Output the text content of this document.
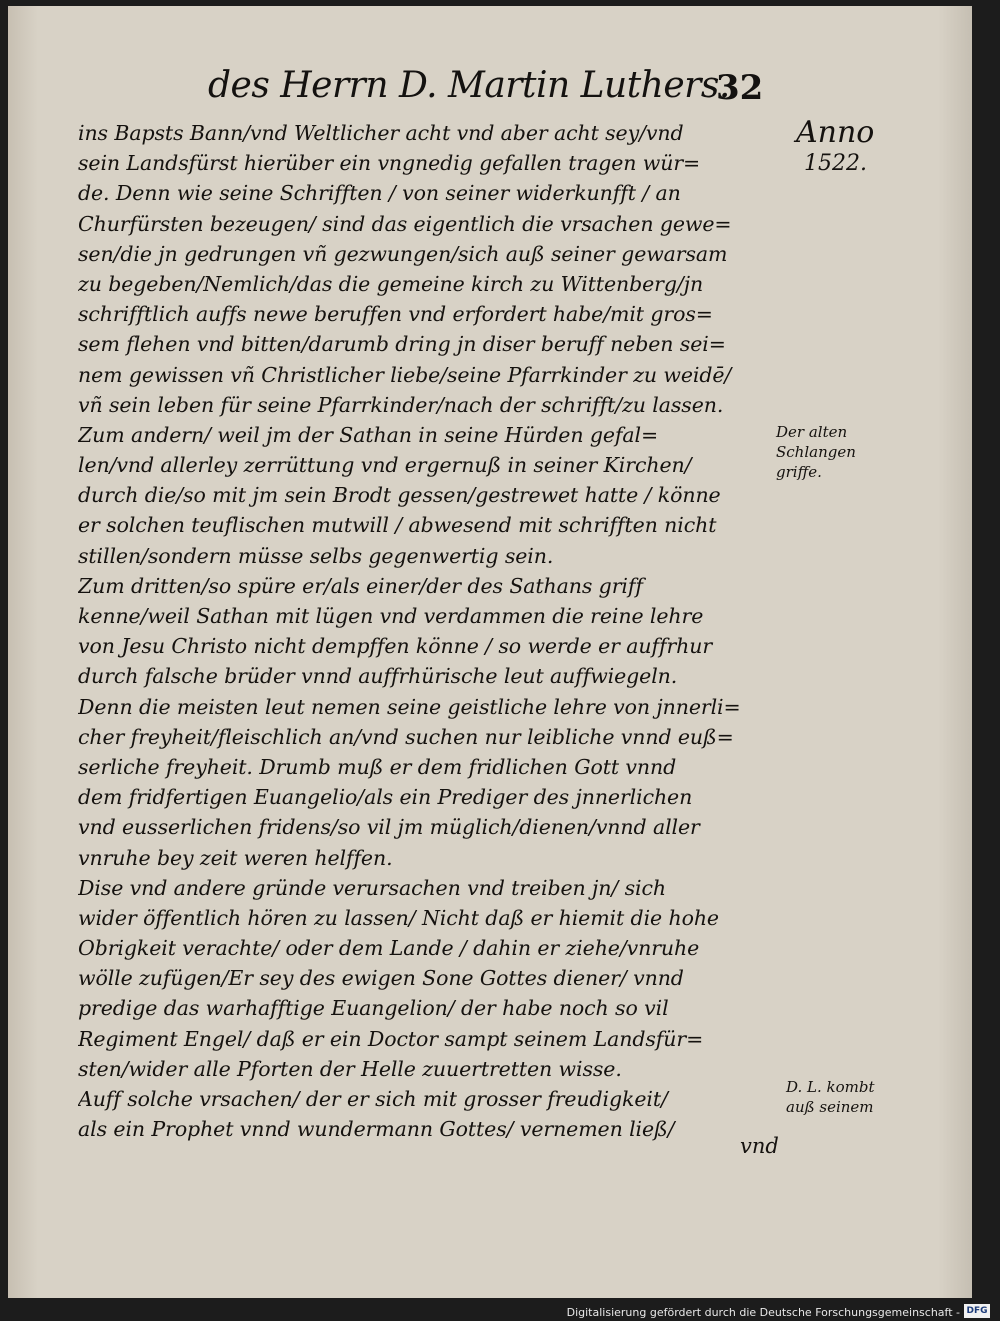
des Herrn D. Martin Luthers.
32
Anno
1522.
Der alten
Schlangen
griffe.
D. L. kombt
auß seinem
ins Bapsts Bann/vnd Weltlicher acht vnd aber acht sey/vnd
sein Landsfürst hierüber ein vngnedig gefallen tragen wür=
de. Denn wie seine Schrifften / von seiner widerkunfft / an
Churfürsten bezeugen/ sind das eigentlich die vrsachen gewe=
sen/die jn gedrungen vñ gezwungen/sich auß seiner gewarsam
zu begeben/Nemlich/das die gemeine kirch zu Wittenberg/jn
schrifftlich auffs newe beruffen vnd erfordert habe/mit gros=
sem flehen vnd bitten/darumb dring jn diser beruff neben sei=
nem gewissen vñ Christlicher liebe/seine Pfarrkinder zu weidē/
vñ sein leben für seine Pfarrkinder/nach der schrifft/zu lassen.
Zum andern/ weil jm der Sathan in seine Hürden gefal=
len/vnd allerley zerrüttung vnd ergernuß in seiner Kirchen/
durch die/so mit jm sein Brodt gessen/gestrewet hatte / könne
er solchen teuflischen mutwill / abwesend mit schrifften nicht
stillen/sondern müsse selbs gegenwertig sein.
Zum dritten/so spüre er/als einer/der des Sathans griff
kenne/weil Sathan mit lügen vnd verdammen die reine lehre
von Jesu Christo nicht dempffen könne / so werde er auffrhur
durch falsche brüder vnnd auffrhürische leut auffwiegeln.
Denn die meisten leut nemen seine geistliche lehre von jnnerli=
cher freyheit/fleischlich an/vnd suchen nur leibliche vnnd euß=
serliche freyheit. Drumb muß er dem fridlichen Gott vnnd
dem fridfertigen Euangelio/als ein Prediger des jnnerlichen
vnd eusserlichen fridens/so vil jm müglich/dienen/vnnd aller
vnruhe bey zeit weren helffen.
Dise vnd andere gründe verursachen vnd treiben jn/ sich
wider öffentlich hören zu lassen/ Nicht daß er hiemit die hohe
Obrigkeit verachte/ oder dem Lande / dahin er ziehe/vnruhe
wölle zufügen/Er sey des ewigen Sone Gottes diener/ vnnd
predige das warhafftige Euangelion/ der habe noch so vil
Regiment Engel/ daß er ein Doctor sampt seinem Landsfür=
sten/wider alle Pforten der Helle zuuertretten wisse.
Auff solche vrsachen/ der er sich mit grosser freudigkeit/
als ein Prophet vnnd wundermann Gottes/ vernemen ließ/
vnd
Digitalisierung gefördert durch die Deutsche Forschungsgemeinschaft - DFG
